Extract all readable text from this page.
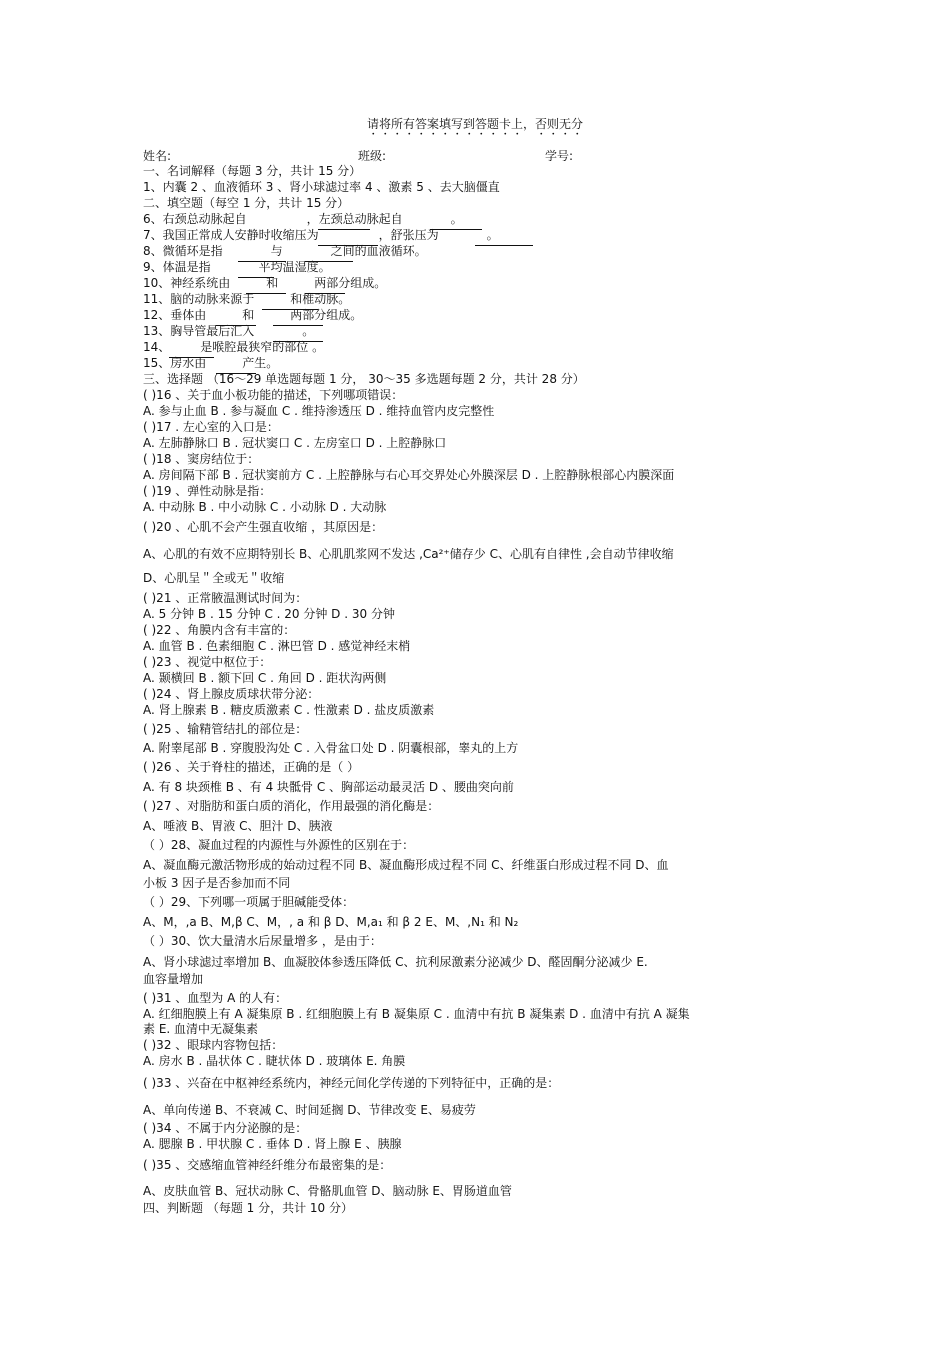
请将所有答案填写到答题卡上，否则无分
姓名:	班级:	学号:
一、名词解释（每题 3 分，共计 15 分）
1、内囊 2 、血液循环 3 、肾小球滤过率 4 、激素 5 、去大脑僵直
二、填空题（每空 1 分，共计 15 分）
6、右颈总动脉起自　　　　　，左颈总动脉起自　　　　。
7、我国正常成人安静时收缩压为　　　　　，舒张压为　　　　。
8、微循环是指　　　　与　　　　之间的血液循环。
9、体温是指　　　　平均温湿度。
10、神经系统由　　　和　　　两部分组成。
11、脑的动脉来源于　　　和椎动脉。
12、垂体由　　　和　　　两部分组成。
13、胸导管最后汇入　　　　。
14、　　　是喉腔最狭窄的部位 。
15、房水由　　　产生。
三、选择题 （16～29 单选题每题 1 分， 30～35 多选题每题 2 分，共计 28 分）
( )16 、关于血小板功能的描述，下列哪项错误：
A. 参与止血 B . 参与凝血 C . 维持渗透压 D . 维持血管内皮完整性
( )17 . 左心室的入口是：
A. 左肺静脉口 B . 冠状窦口 C . 左房室口 D . 上腔静脉口
( )18 、窦房结位于：
A. 房间隔下部 B . 冠状窦前方 C . 上腔静脉与右心耳交界处心外膜深层 D . 上腔静脉根部心内膜深面
( )19 、弹性动脉是指：
A. 中动脉 B . 中小动脉 C . 小动脉 D . 大动脉
( )20 、心肌不会产生强直收缩 ，其原因是：
A、心肌的有效不应期特别长 B、心肌肌浆网不发达 ,Ca²⁺储存少 C、心肌有自律性 ,会自动节律收缩
D、心肌呈＂全或无＂收缩
( )21 、正常腋温测试时间为：
A. 5 分钟 B . 15 分钟 C . 20 分钟 D . 30 分钟
( )22 、角膜内含有丰富的：
A. 血管 B . 色素细胞 C . 淋巴管 D . 感觉神经末梢
( )23 、视觉中枢位于：
A. 颞横回 B . 额下回 C . 角回 D . 距状沟两侧
( )24 、肾上腺皮质球状带分泌：
A. 肾上腺素 B . 糖皮质激素 C . 性激素 D . 盐皮质激素
( )25 、输精管结扎的部位是：
A. 附睾尾部 B . 穿腹股沟处 C . 入骨盆口处 D . 阴囊根部，睾丸的上方
( )26 、关于脊柱的描述，正确的是（ ）
A. 有 8 块颈椎 B 、有 4 块骶骨 C 、胸部运动最灵活 D 、腰曲突向前
( )27 、对脂肪和蛋白质的消化，作用最强的消化酶是：
A、唾液 B、胃液 C、胆汁 D、胰液
（ ）28、凝血过程的内源性与外源性的区别在于：
A、凝血酶元激活物形成的始动过程不同 B、凝血酶形成过程不同 C、纤维蛋白形成过程不同 D、血
小板 3 因子是否参加而不同
（ ）29、下列哪一项属于胆碱能受体：
A、M，,a B、M,β C、M，, a 和 β D、M,a₁ 和 β 2 E、M、,N₁ 和 N₂
（ ）30、饮大量清水后尿量增多 ，是由于：
A、肾小球滤过率增加 B、血凝胶体参透压降低 C、抗利尿激素分泌减少 D、醛固酮分泌减少 E.
血容量增加
( )31 、血型为 A 的人有：
A. 红细胞膜上有 A 凝集原 B . 红细胞膜上有 B 凝集原 C . 血清中有抗 B 凝集素 D . 血清中有抗 A 凝集
素 E. 血清中无凝集素
( )32 、眼球内容物包括：
A. 房水 B . 晶状体 C . 睫状体 D . 玻璃体 E. 角膜
( )33 、兴奋在中枢神经系统内，神经元间化学传递的下列特征中，正确的是：
A、单向传递 B、不衰减 C、时间延搁 D、节律改变 E、易疲劳
( )34 、不属于内分泌腺的是：
A. 腮腺 B . 甲状腺 C . 垂体 D . 肾上腺 E 、胰腺
( )35 、交感缩血管神经纤维分布最密集的是：
A、皮肤血管 B、冠状动脉 C、骨骼肌血管 D、脑动脉 E、胃肠道血管
四、判断题 （每题 1 分，共计 10 分）
